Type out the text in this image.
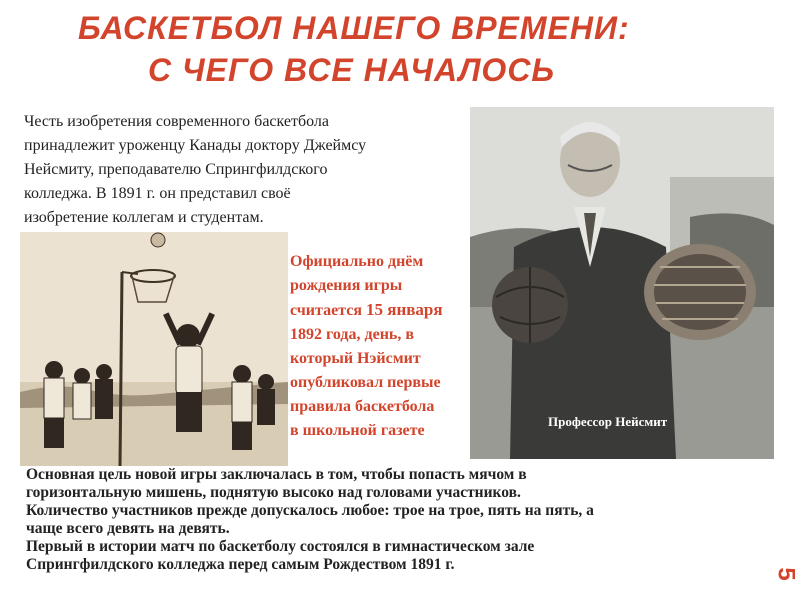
БАСКЕТБОЛ НАШЕГО ВРЕМЕНИ:
С ЧЕГО ВСЕ НАЧАЛОСЬ
Честь изобретения современного баскетбола
принадлежит уроженцу Канады доктору Джеймсу
Нейсмиту, преподавателю Спрингфилдского
колледжа. В 1891 г. он представил своё
изобретение коллегам и студентам.
Официально днём
рождения игры
считается 15 января
1892 года, день, в
который Нэйсмит
опубликовал первые
правила баскетбола
в школьной газете
Профессор Нейсмит
Основная цель новой игры заключалась в том, чтобы попасть мячом в
горизонтальную мишень, поднятую высоко над головами участников.
Количество участников прежде допускалось любое: трое на трое, пять на пять, а
чаще всего девять на девять.
Первый в истории матч по баскетболу состоялся в гимнастическом зале
Спрингфилдского колледжа перед самым Рождеством 1891 г.
5
